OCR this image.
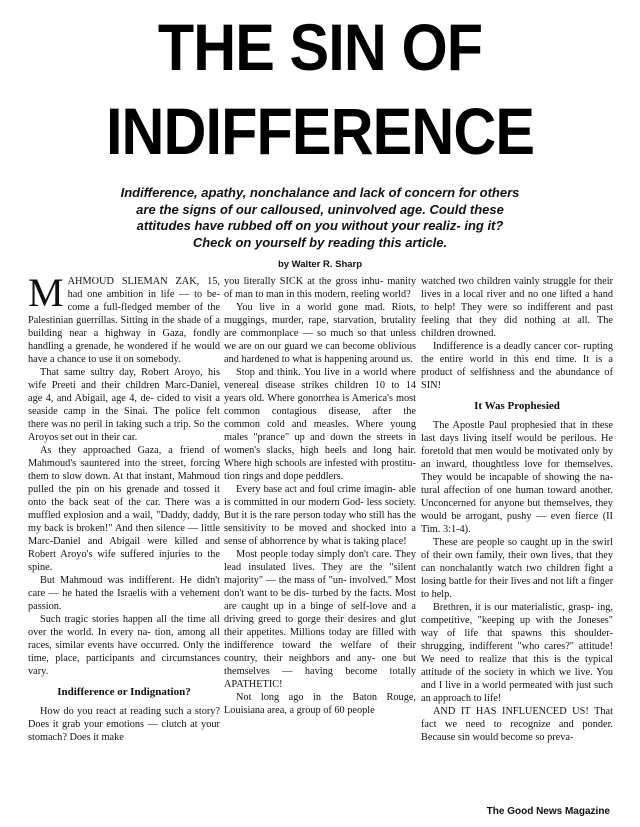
THE SIN OF
INDIFFERENCE
Indifference, apathy, nonchalance and lack of concern for others are the signs of our calloused, uninvolved age. Could these attitudes have rubbed off on you without your realiz- ing it? Check on yourself by reading this article.
by Walter R. Sharp

MAHMOUD SLIEMAN ZAK, 15, had one ambition in life — to be- come a full-fledged member of the Palestinian guerrillas. Sitting in the shade of a building near a highway in Gaza, fondly handling a grenade, he wondered if he would have a chance to use it on somebody.

That same sultry day, Robert Aroyo, his wife Preeti and their children Marc-Daniel, age 4, and Abigail, age 4, de- cided to visit a seaside camp in the Sinai. The police felt there was no peril in taking such a trip. So the Aroyos set out in their car.

As they approached Gaza, a friend of Mahmoud's sauntered into the street, forcing them to slow down. At that instant, Mahmoud pulled the pin on his grenade and tossed it onto the back seat of the car. There was a muffled explosion and a wail, "Daddy, daddy, my back is broken!" And then silence — little Marc-Daniel and Abigail were killed and Robert Aroyo's wife suffered injuries to the spine.

But Mahmoud was indifferent. He didn't care — he hated the Israelis with a vehement passion.

Such tragic stories happen all the time all over the world. In every na- tion, among all races, similar events have occurred. Only the time, place, participants and circumstances vary.

Indifference or Indignation?

How do you react at reading such a story? Does it grab your emotions — clutch at your stomach? Does it make

you literally SICK at the gross inhu- manity of man to man in this modern, reeling world?

You live in a world gone mad. Riots, muggings, murder, rape, starvation, brutality are commonplace — so much so that unless we are on our guard we can become oblivious and hardened to what is happening around us.

Stop and think. You live in a world where venereal disease strikes children 10 to 14 years old. Where gonorrhea is America's most common contagious disease, after the common cold and measles. Where young males "prance" up and down the streets in women's slacks, high heels and long hair. Where high schools are infested with prostitu- tion rings and dope peddlers.

Every base act and foul crime imagin- able is committed in our modern God- less society. But it is the rare person today who still has the sensitivity to be moved and shocked into a sense of abhorrence by what is taking place!

Most people today simply don't care. They lead insulated lives. They are the "silent majority" — the mass of "un- involved." Most don't want to be dis- turbed by the facts. Most are caught up in a binge of self-love and a driving greed to gorge their desires and glut their appetites. Millions today are filled with indifference toward the welfare of their country, their neighbors and any- one but themselves — having become totally APATHETIC!

Not long ago in the Baton Rouge, Louisiana area, a group of 60 people

watched two children vainly struggle for their lives in a local river and no one lifted a hand to help! They were so indifferent and past feeling that they did nothing at all. The children drowned.

Indifference is a deadly cancer cor- rupting the entire world in this end time. It is a product of selfishness and the abundance of SIN!

It Was Prophesied

The Apostle Paul prophesied that in these last days living itself would be perilous. He foretold that men would be motivated only by an inward, thoughtless love for themselves. They would be incapable of showing the na- tural affection of one human toward another. Unconcerned for anyone but themselves, they would be arrogant, pushy — even fierce (II Tim. 3:1-4).

These are people so caught up in the swirl of their own family, their own lives, that they can nonchalantly watch two children fight a losing battle for their lives and not lift a finger to help.

Brethren, it is our materialistic, grasp- ing, competitive, "keeping up with the Joneses" way of life that spawns this shoulder-shrugging, indifferent "who cares?" attitude! We need to realize that this is the typical attitude of the society in which we live. You and I live in a world permeated with just such an approach to life!

AND IT HAS INFLUENCED US! That fact we need to recognize and ponder. Because sin would become so preva-

The Good News Magazine
